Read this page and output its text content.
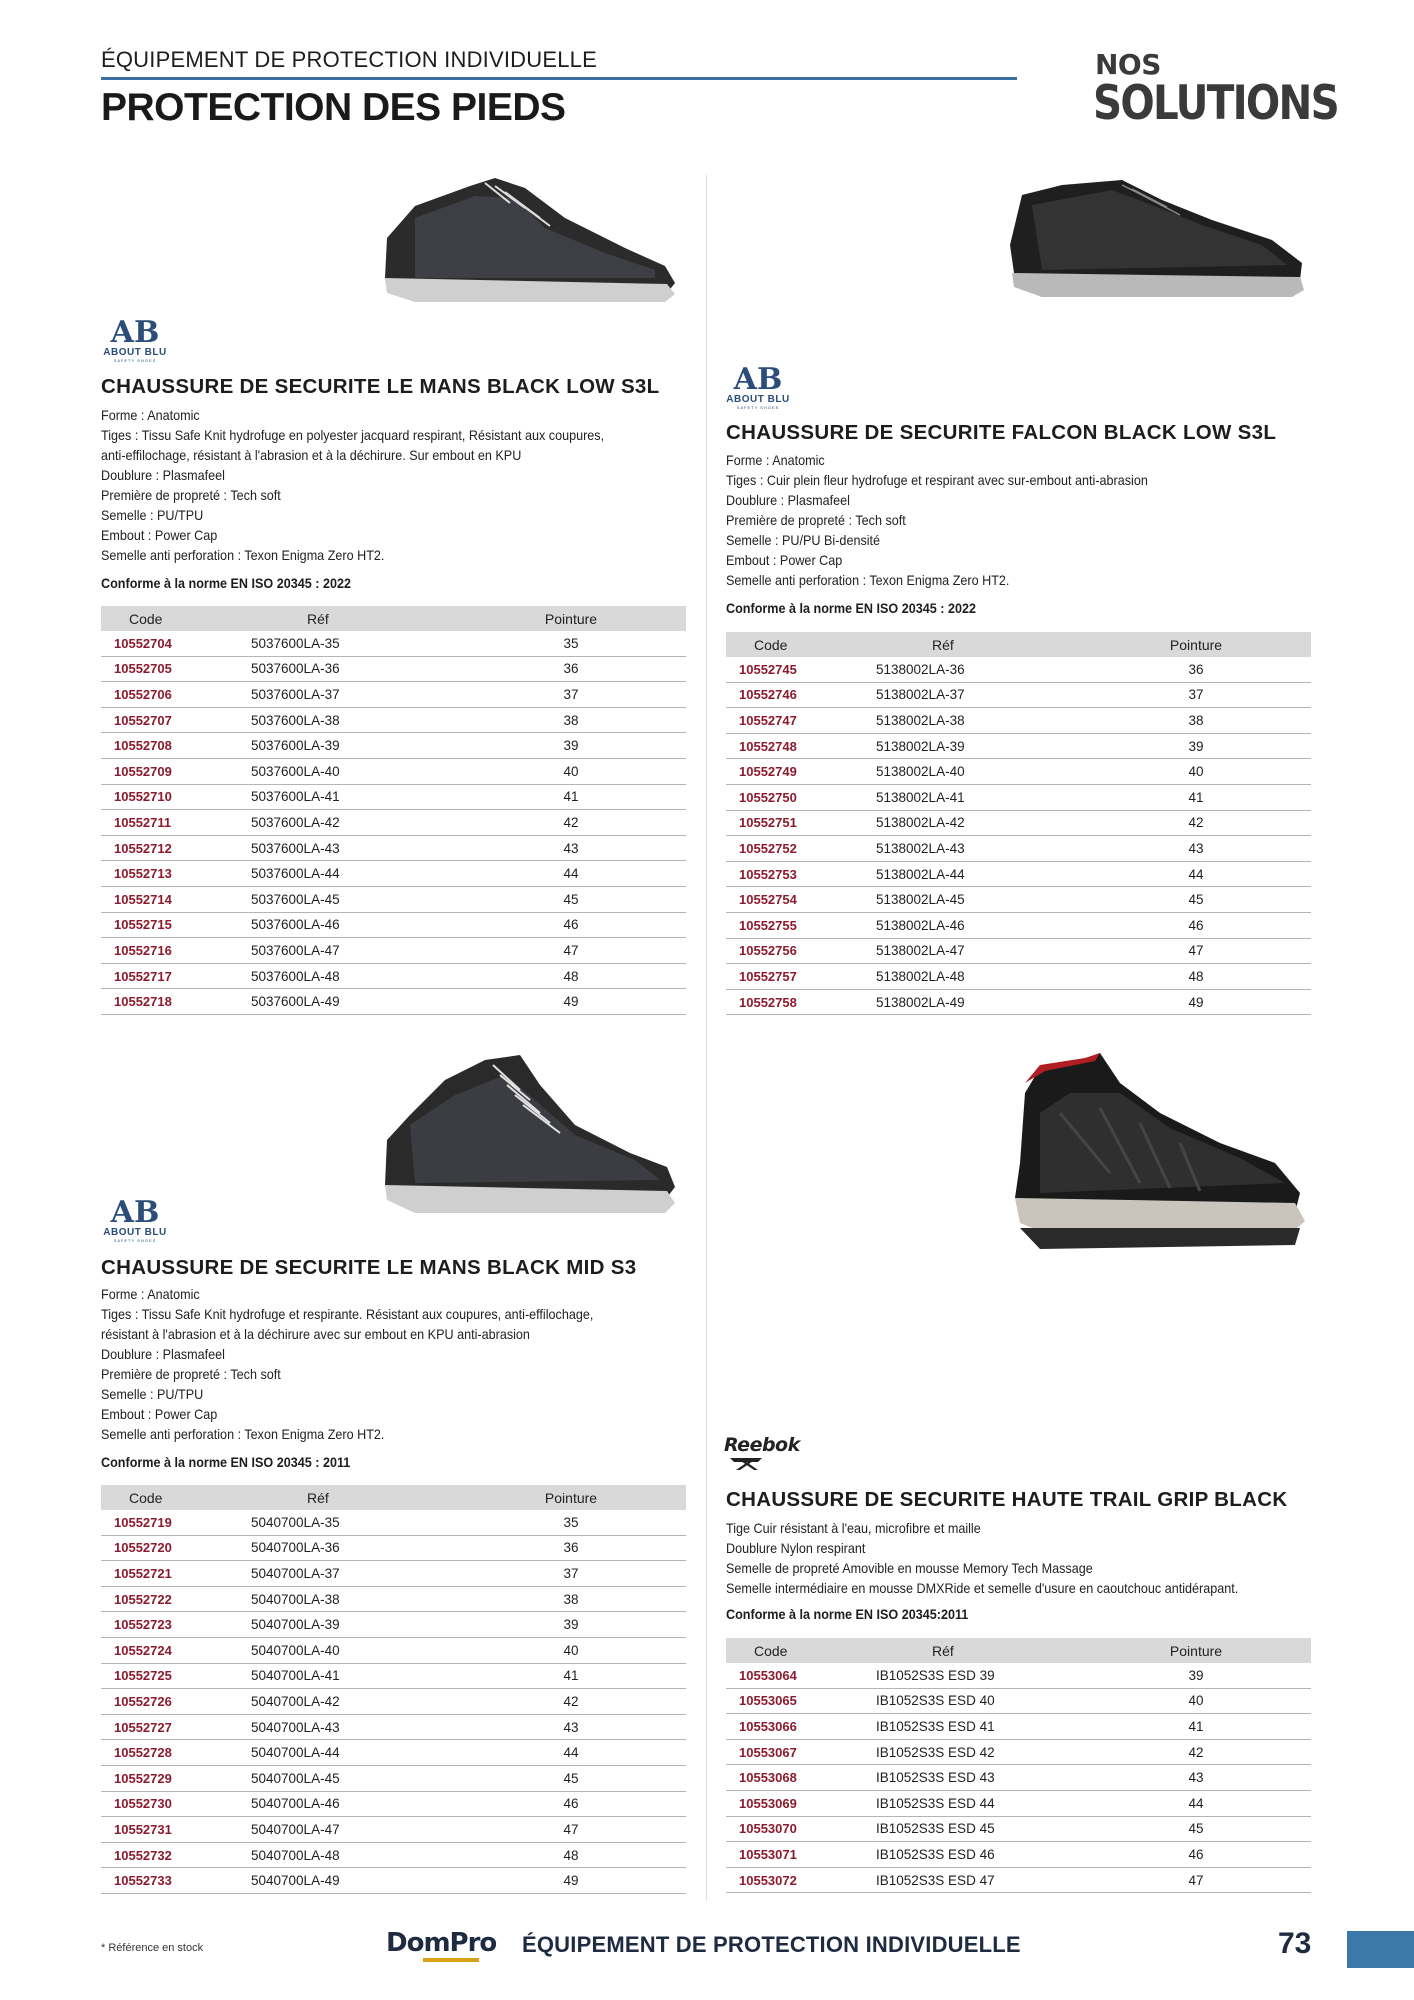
ÉQUIPEMENT DE PROTECTION INDIVIDUELLE
PROTECTION DES PIEDS
NOS
SOLUTIONS
AB
ABOUT BLU
SAFETY SHOES
CHAUSSURE DE SECURITE LE MANS BLACK LOW S3L
Forme : Anatomic
Tiges : Tissu Safe Knit hydrofuge en polyester jacquard respirant, Résistant aux coupures,
anti-effilochage, résistant à l'abrasion et à la déchirure. Sur embout en KPU
Doublure : Plasmafeel
Première de propreté : Tech soft
Semelle : PU/TPU
Embout : Power Cap
Semelle anti perforation : Texon Enigma Zero HT2.
Conforme à la norme EN ISO 20345 : 2022
Code	Réf	Pointure
10552704	5037600LA-35	35
10552705	5037600LA-36	36
10552706	5037600LA-37	37
10552707	5037600LA-38	38
10552708	5037600LA-39	39
10552709	5037600LA-40	40
10552710	5037600LA-41	41
10552711	5037600LA-42	42
10552712	5037600LA-43	43
10552713	5037600LA-44	44
10552714	5037600LA-45	45
10552715	5037600LA-46	46
10552716	5037600LA-47	47
10552717	5037600LA-48	48
10552718	5037600LA-49	49
AB
ABOUT BLU
SAFETY SHOES
CHAUSSURE DE SECURITE FALCON BLACK LOW S3L
Forme : Anatomic
Tiges : Cuir plein fleur hydrofuge et respirant avec sur-embout anti-abrasion
Doublure : Plasmafeel
Première de propreté : Tech soft
Semelle : PU/PU Bi-densité
Embout : Power Cap
Semelle anti perforation : Texon Enigma Zero HT2.
Conforme à la norme EN ISO 20345 : 2022
Code	Réf	Pointure
10552745	5138002LA-36	36
10552746	5138002LA-37	37
10552747	5138002LA-38	38
10552748	5138002LA-39	39
10552749	5138002LA-40	40
10552750	5138002LA-41	41
10552751	5138002LA-42	42
10552752	5138002LA-43	43
10552753	5138002LA-44	44
10552754	5138002LA-45	45
10552755	5138002LA-46	46
10552756	5138002LA-47	47
10552757	5138002LA-48	48
10552758	5138002LA-49	49
AB
ABOUT BLU
SAFETY SHOES
CHAUSSURE DE SECURITE LE MANS BLACK MID S3
Forme : Anatomic
Tiges : Tissu Safe Knit hydrofuge et respirante. Résistant aux coupures, anti-effilochage,
résistant à l'abrasion et à la déchirure avec sur embout en KPU anti-abrasion
Doublure : Plasmafeel
Première de propreté : Tech soft
Semelle : PU/TPU
Embout : Power Cap
Semelle anti perforation : Texon Enigma Zero HT2.
Conforme à la norme EN ISO 20345 : 2011
Code	Réf	Pointure
10552719	5040700LA-35	35
10552720	5040700LA-36	36
10552721	5040700LA-37	37
10552722	5040700LA-38	38
10552723	5040700LA-39	39
10552724	5040700LA-40	40
10552725	5040700LA-41	41
10552726	5040700LA-42	42
10552727	5040700LA-43	43
10552728	5040700LA-44	44
10552729	5040700LA-45	45
10552730	5040700LA-46	46
10552731	5040700LA-47	47
10552732	5040700LA-48	48
10552733	5040700LA-49	49
Reebok
CHAUSSURE DE SECURITE HAUTE TRAIL GRIP BLACK
Tige Cuir résistant à l'eau, microfibre et maille
Doublure Nylon respirant
Semelle de propreté Amovible en mousse Memory Tech Massage
Semelle intermédiaire en mousse DMXRide et semelle d'usure en caoutchouc antidérapant.
Conforme à la norme EN ISO 20345:2011
Code	Réf	Pointure
10553064	IB1052S3S ESD 39	39
10553065	IB1052S3S ESD 40	40
10553066	IB1052S3S ESD 41	41
10553067	IB1052S3S ESD 42	42
10553068	IB1052S3S ESD 43	43
10553069	IB1052S3S ESD 44	44
10553070	IB1052S3S ESD 45	45
10553071	IB1052S3S ESD 46	46
10553072	IB1052S3S ESD 47	47
* Référence en stock	DomPro ÉQUIPEMENT DE PROTECTION INDIVIDUELLE	73
